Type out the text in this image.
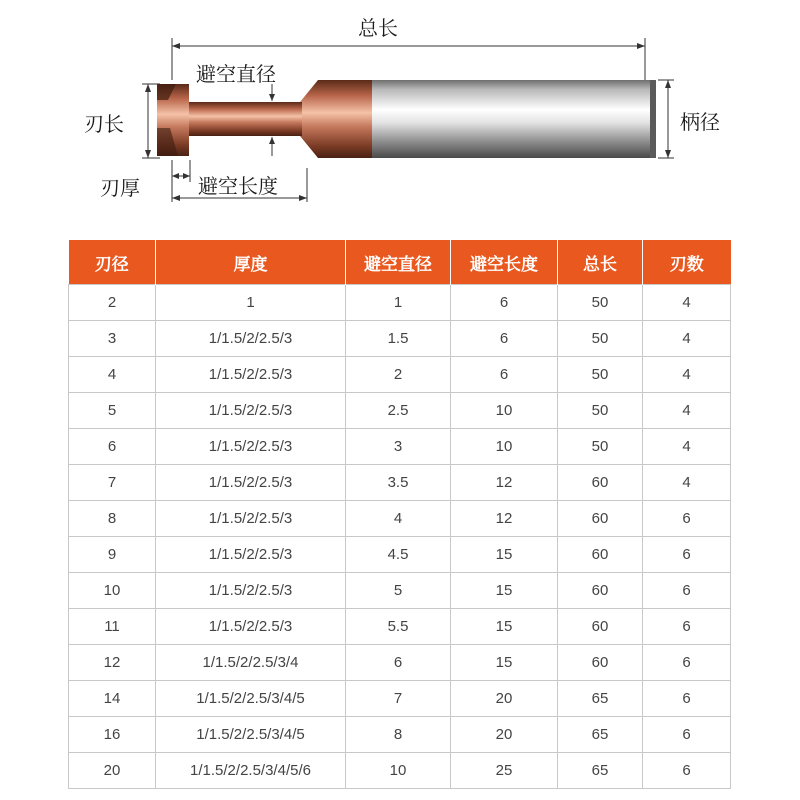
总长
避空直径
刃长	柄径
刃厚	避空长度
刃径	厚度	避空直径	避空长度	总长	刃数
2	1	1	6	50	4
3	1/1.5/2/2.5/3	1.5	6	50	4
4	1/1.5/2/2.5/3	2	6	50	4
5	1/1.5/2/2.5/3	2.5	10	50	4
6	1/1.5/2/2.5/3	3	10	50	4
7	1/1.5/2/2.5/3	3.5	12	60	4
8	1/1.5/2/2.5/3	4	12	60	6
9	1/1.5/2/2.5/3	4.5	15	60	6
10	1/1.5/2/2.5/3	5	15	60	6
11	1/1.5/2/2.5/3	5.5	15	60	6
12	1/1.5/2/2.5/3/4	6	15	60	6
14	1/1.5/2/2.5/3/4/5	7	20	65	6
16	1/1.5/2/2.5/3/4/5	8	20	65	6
20	1/1.5/2/2.5/3/4/5/6	10	25	65	6
